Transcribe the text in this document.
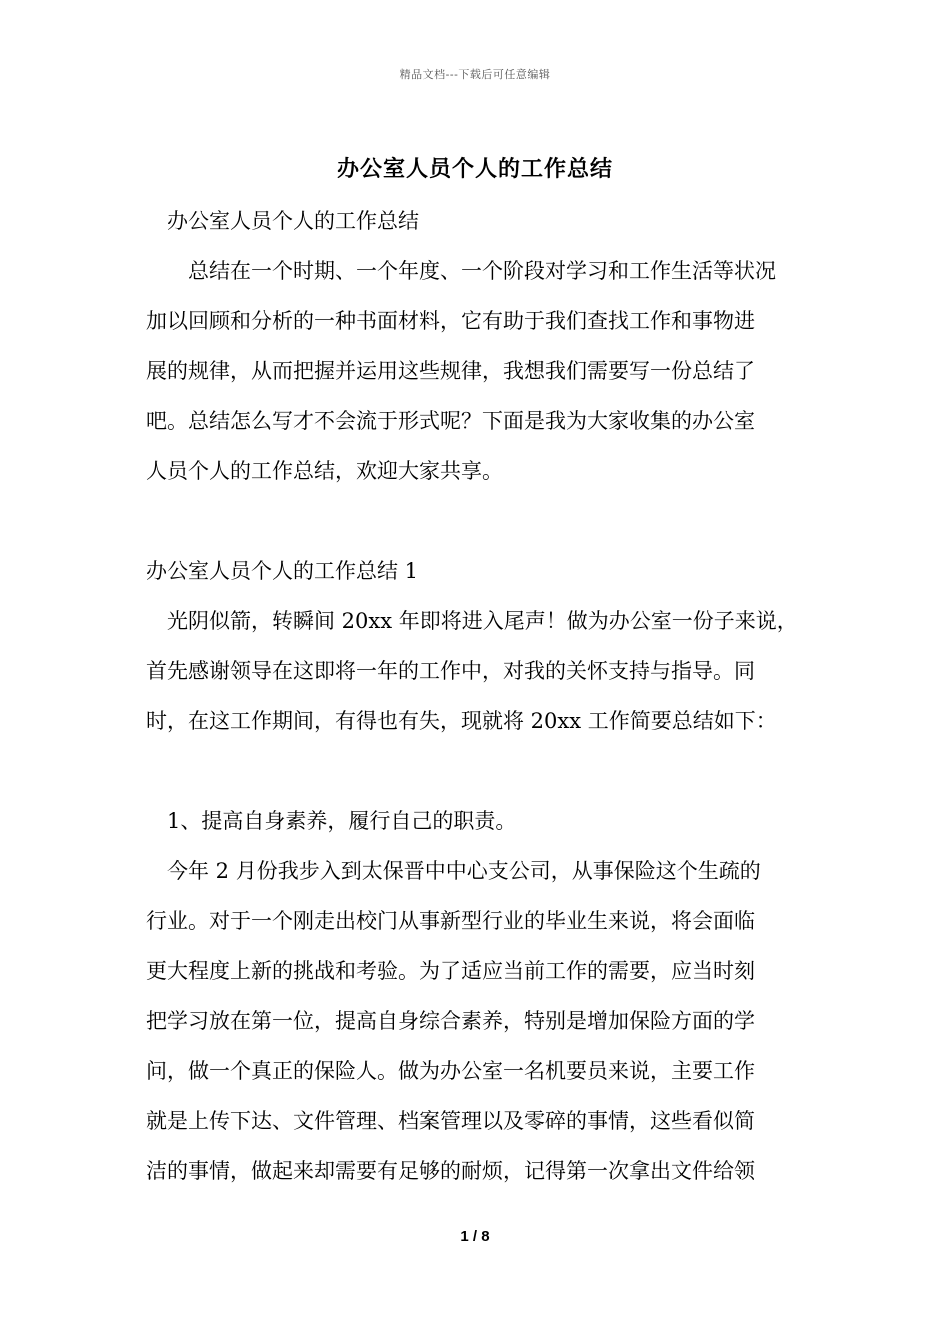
精品文档---下载后可任意编辑
办公室人员个人的工作总结
　办公室人员个人的工作总结
　　总结在一个时期、一个年度、一个阶段对学习和工作生活等状况
加以回顾和分析的一种书面材料，它有助于我们查找工作和事物进
展的规律，从而把握并运用这些规律，我想我们需要写一份总结了
吧。总结怎么写才不会流于形式呢？下面是我为大家收集的办公室
人员个人的工作总结，欢迎大家共享。
办公室人员个人的工作总结 1
　光阴似箭，转瞬间 20xx 年即将进入尾声！做为办公室一份子来说，
首先感谢领导在这即将一年的工作中，对我的关怀支持与指导。同
时，在这工作期间，有得也有失，现就将 20xx 工作简要总结如下：
　1、提高自身素养，履行自己的职责。
　今年 2 月份我步入到太保晋中中心支公司，从事保险这个生疏的
行业。对于一个刚走出校门从事新型行业的毕业生来说，将会面临
更大程度上新的挑战和考验。为了适应当前工作的需要，应当时刻
把学习放在第一位，提高自身综合素养，特别是增加保险方面的学
问，做一个真正的保险人。做为办公室一名机要员来说，主要工作
就是上传下达、文件管理、档案管理以及零碎的事情，这些看似简
洁的事情，做起来却需要有足够的耐烦，记得第一次拿出文件给领
1 / 8
